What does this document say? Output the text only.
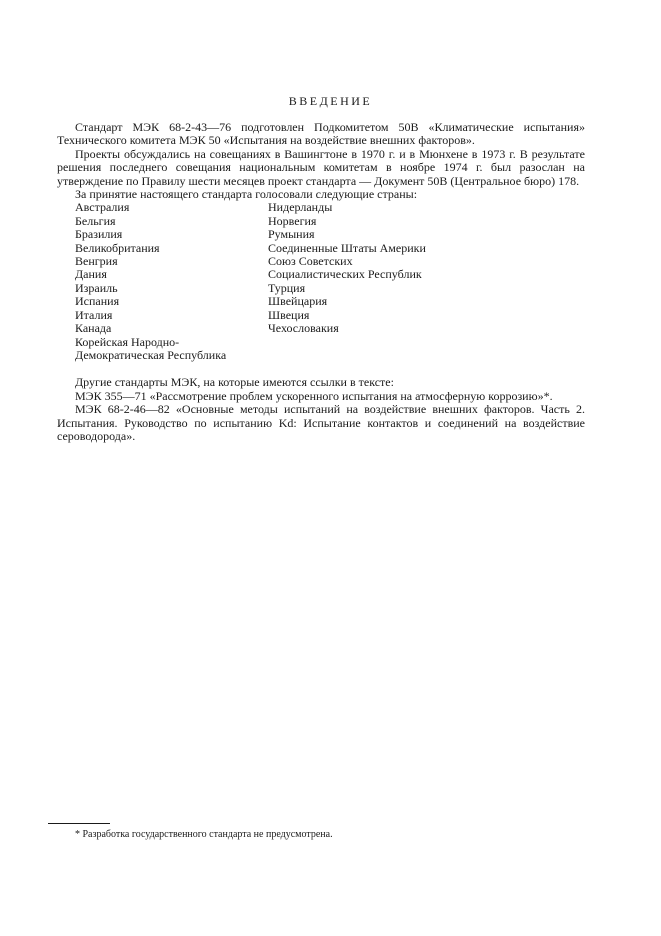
ВВЕДЕНИЕ

Стандарт МЭК 68-2-43—76 подготовлен Подкомитетом 50В «Климатические испытания» Технического комитета МЭК 50 «Испытания на воздействие внешних факторов».

Проекты обсуждались на совещаниях в Вашингтоне в 1970 г. и в Мюнхене в 1973 г. В результате решения последнего совещания национальным комитетам в ноябре 1974 г. был разослан на утверждение по Правилу шести месяцев проект стандарта — Документ 50В (Центральное бюро) 178.

За принятие настоящего стандарта голосовали следующие страны:

Австралия
Бельгия
Бразилия
Великобритания
Венгрия
Дания
Израиль
Испания
Италия
Канада
Корейская Народно-
Демократическая Республика
Нидерланды
Норвегия
Румыния
Соединенные Штаты Америки
Союз Советских
Социалистических Республик
Турция
Швейцария
Швеция
Чехословакия

Другие стандарты МЭК, на которые имеются ссылки в тексте:

МЭК 355—71 «Рассмотрение проблем ускоренного испытания на атмосферную коррозию»*.

МЭК 68-2-46—82 «Основные методы испытаний на воздействие внешних факторов. Часть 2. Испытания. Руководство по испытанию Kd: Испытание контактов и соединений на воздействие сероводорода».

* Разработка государственного стандарта не предусмотрена.
